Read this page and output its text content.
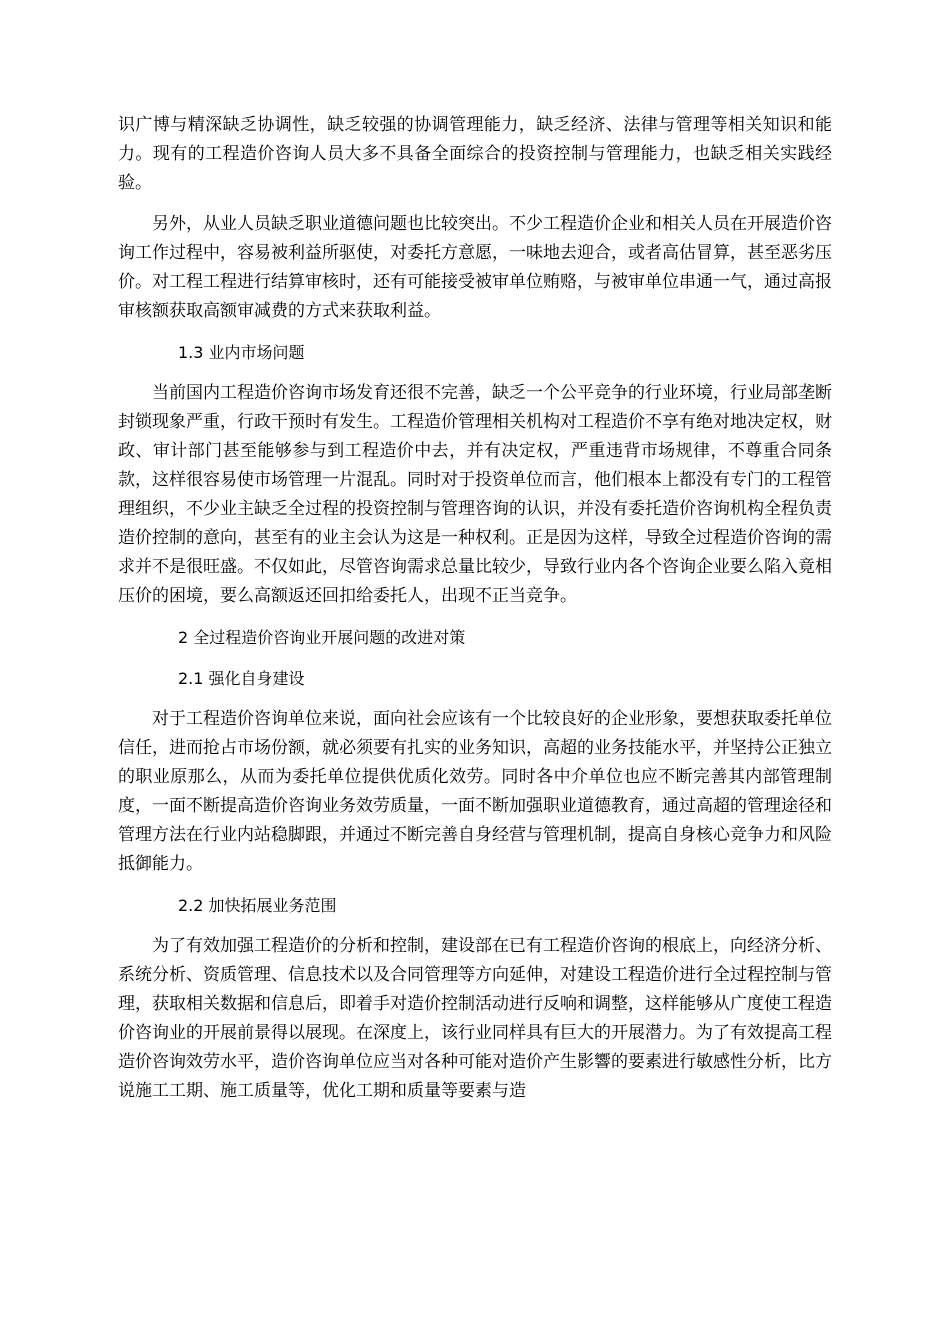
识广博与精深缺乏协调性，缺乏较强的协调管理能力，缺乏经济、法律与管理等相关知识和能力。现有的工程造价咨询人员大多不具备全面综合的投资控制与管理能力，也缺乏相关实践经验。

另外，从业人员缺乏职业道德问题也比较突出。不少工程造价企业和相关人员在开展造价咨询工作过程中，容易被利益所驱使，对委托方意愿，一味地去迎合，或者高估冒算，甚至恶劣压价。对工程工程进行结算审核时，还有可能接受被审单位贿赂，与被审单位串通一气，通过高报审核额获取高额审减费的方式来获取利益。

1.3 业内市场问题

当前国内工程造价咨询市场发育还很不完善，缺乏一个公平竞争的行业环境，行业局部垄断封锁现象严重，行政干预时有发生。工程造价管理相关机构对工程造价不享有绝对地决定权，财政、审计部门甚至能够参与到工程造价中去，并有决定权，严重违背市场规律，不尊重合同条款，这样很容易使市场管理一片混乱。同时对于投资单位而言，他们根本上都没有专门的工程管理组织，不少业主缺乏全过程的投资控制与管理咨询的认识，并没有委托造价咨询机构全程负责造价控制的意向，甚至有的业主会认为这是一种权利。正是因为这样，导致全过程造价咨询的需求并不是很旺盛。不仅如此，尽管咨询需求总量比较少，导致行业内各个咨询企业要么陷入竟相压价的困境，要么高额返还回扣给委托人，出现不正当竞争。

2 全过程造价咨询业开展问题的改进对策

2.1 强化自身建设

对于工程造价咨询单位来说，面向社会应该有一个比较良好的企业形象，要想获取委托单位信任，进而抢占市场份额，就必须要有扎实的业务知识，高超的业务技能水平，并坚持公正独立的职业原那么，从而为委托单位提供优质化效劳。同时各中介单位也应不断完善其内部管理制度，一面不断提高造价咨询业务效劳质量，一面不断加强职业道德教育，通过高超的管理途径和管理方法在行业内站稳脚跟，并通过不断完善自身经营与管理机制，提高自身核心竞争力和风险抵御能力。

2.2 加快拓展业务范围

为了有效加强工程造价的分析和控制，建设部在已有工程造价咨询的根底上，向经济分析、系统分析、资质管理、信息技术以及合同管理等方向延伸，对建设工程造价进行全过程控制与管理，获取相关数据和信息后，即着手对造价控制活动进行反响和调整，这样能够从广度使工程造价咨询业的开展前景得以展现。在深度上，该行业同样具有巨大的开展潜力。为了有效提高工程造价咨询效劳水平，造价咨询单位应当对各种可能对造价产生影響的要素进行敏感性分析，比方说施工工期、施工质量等，优化工期和质量等要素与造
